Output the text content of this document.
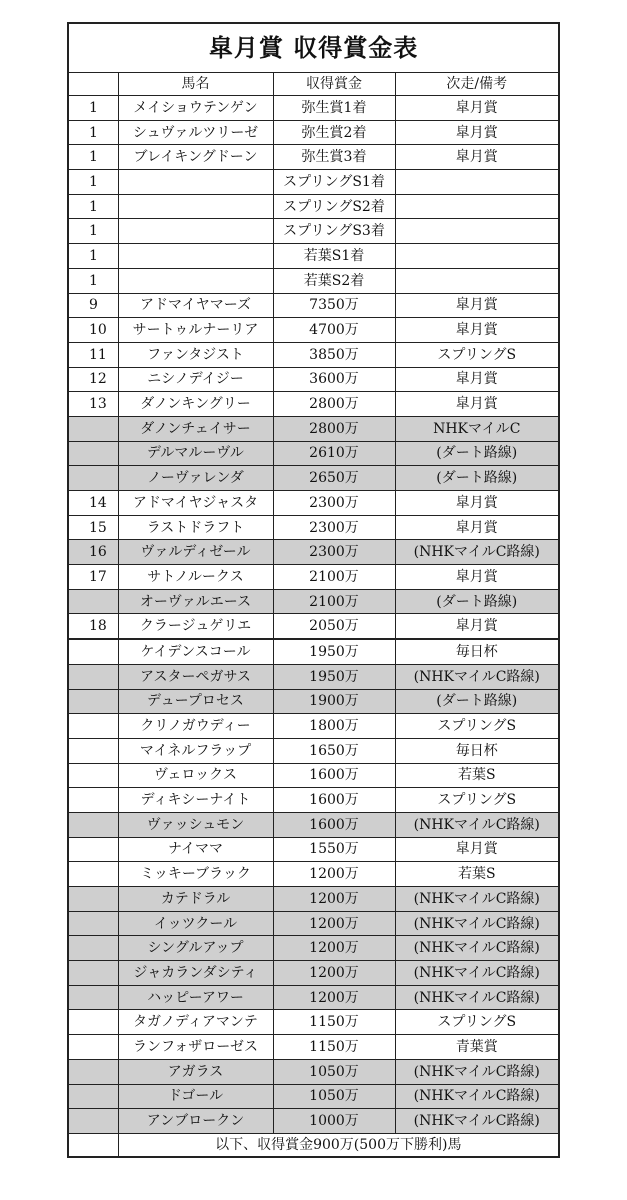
皐月賞 収得賞金表			
	馬名	収得賞金	次走/備考
1	メイショウテンゲン	弥生賞1着	皐月賞
1	シュヴァルツリーゼ	弥生賞2着	皐月賞
1	ブレイキングドーン	弥生賞3着	皐月賞
1		スプリングS1着	
1		スプリングS2着	
1		スプリングS3着	
1		若葉S1着	
1		若葉S2着	
9	アドマイヤマーズ	7350万	皐月賞
10	サートゥルナーリア	4700万	皐月賞
11	ファンタジスト	3850万	スプリングS
12	ニシノデイジー	3600万	皐月賞
13	ダノンキングリー	2800万	皐月賞
	ダノンチェイサー	2800万	NHKマイルC
	デルマルーヴル	2610万	(ダート路線)
	ノーヴァレンダ	2650万	(ダート路線)
14	アドマイヤジャスタ	2300万	皐月賞
15	ラストドラフト	2300万	皐月賞
16	ヴァルディゼール	2300万	(NHKマイルC路線)
17	サトノルークス	2100万	皐月賞
	オーヴァルエース	2100万	(ダート路線)
18	クラージュゲリエ	2050万	皐月賞
	ケイデンスコール	1950万	毎日杯
	アスターペガサス	1950万	(NHKマイルC路線)
	デュープロセス	1900万	(ダート路線)
	クリノガウディー	1800万	スプリングS
	マイネルフラップ	1650万	毎日杯
	ヴェロックス	1600万	若葉S
	ディキシーナイト	1600万	スプリングS
	ヴァッシュモン	1600万	(NHKマイルC路線)
	ナイママ	1550万	皐月賞
	ミッキーブラック	1200万	若葉S
	カテドラル	1200万	(NHKマイルC路線)
	イッツクール	1200万	(NHKマイルC路線)
	シングルアップ	1200万	(NHKマイルC路線)
	ジャカランダシティ	1200万	(NHKマイルC路線)
	ハッピーアワー	1200万	(NHKマイルC路線)
	タガノディアマンテ	1150万	スプリングS
	ランフォザローゼス	1150万	青葉賞
	アガラス	1050万	(NHKマイルC路線)
	ドゴール	1050万	(NHKマイルC路線)
	アンブロークン	1000万	(NHKマイルC路線)
	以下、収得賞金900万(500万下勝利)馬		
